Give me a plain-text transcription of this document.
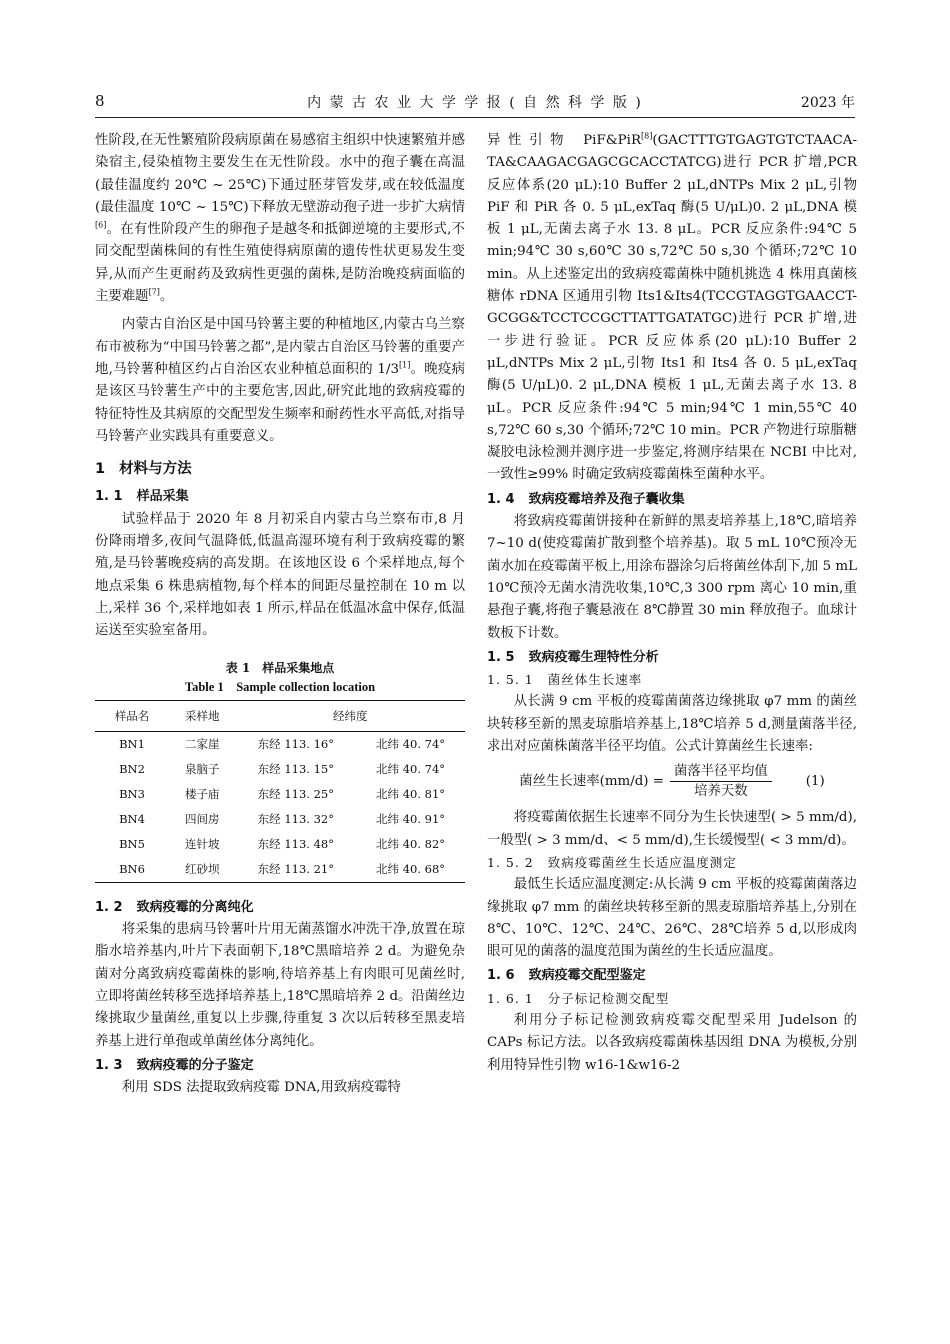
8	内 蒙 古 农 业 大 学 学 报 ( 自 然 科 学 版 )	2023 年

性阶段,在无性繁殖阶段病原菌在易感宿主组织中快速繁殖并感染宿主,侵染植物主要发生在无性阶段。水中的孢子囊在高温(最佳温度约 20℃ ~ 25℃)下通过胚芽管发芽,或在较低温度(最佳温度 10℃ ~ 15℃)下释放无壁游动孢子进一步扩大病情[6]。在有性阶段产生的卵孢子是越冬和抵御逆境的主要形式,不同交配型菌株间的有性生殖使得病原菌的遗传性状更易发生变异,从而产生更耐药及致病性更强的菌株,是防治晚疫病面临的主要难题[7]。

内蒙古自治区是中国马铃薯主要的种植地区,内蒙古乌兰察布市被称为“中国马铃薯之都”,是内蒙古自治区马铃薯的重要产地,马铃薯种植区约占自治区农业种植总面积的 1/3[1]。晚疫病是该区马铃薯生产中的主要危害,因此,研究此地的致病疫霉的特征特性及其病原的交配型发生频率和耐药性水平高低,对指导马铃薯产业实践具有重要意义。

1 材料与方法
1. 1 样品采集

试验样品于 2020 年 8 月初采自内蒙古乌兰察布市,8 月份降雨增多,夜间气温降低,低温高湿环境有利于致病疫霉的繁殖,是马铃薯晚疫病的高发期。在该地区设 6 个采样地点,每个地点采集 6 株患病植物,每个样本的间距尽量控制在 10 m 以上,采样 36 个,采样地如表 1 所示,样品在低温冰盒中保存,低温运送至实验室备用。

表 1　样品采集地点
Table 1　Sample collection location
样品名	采样地	经纬度	
BN1	二家崖	东经 113. 16°	北纬 40. 74°
BN2	泉脑子	东经 113. 15°	北纬 40. 74°
BN3	楼子庙	东经 113. 25°	北纬 40. 81°
BN4	四间房	东经 113. 32°	北纬 40. 91°
BN5	连针坡	东经 113. 48°	北纬 40. 82°
BN6	红砂坝	东经 113. 21°	北纬 40. 68°
1. 2 致病疫霉的分离纯化

将采集的患病马铃薯叶片用无菌蒸馏水冲洗干净,放置在琼脂水培养基内,叶片下表面朝下,18℃黑暗培养 2 d。为避免杂菌对分离致病疫霉菌株的影响,待培养基上有肉眼可见菌丝时,立即将菌丝转移至选择培养基上,18℃黑暗培养 2 d。沿菌丝边缘挑取少量菌丝,重复以上步骤,待重复 3 次以后转移至黑麦培养基上进行单孢或单菌丝体分离纯化。

1. 3 致病疫霉的分子鉴定

利用 SDS 法提取致病疫霉 DNA,用致病疫霉特

异性引物 PiF&PiR[8](GACTTTGTGAGTGTCTAACA-TA&CAAGACGAGCGCACCTATCG)进行 PCR 扩增,PCR 反应体系(20 μL):10 Buffer 2 μL,dNTPs Mix 2 μL,引物 PiF 和 PiR 各 0. 5 μL,exTaq 酶(5 U/μL)0. 2 μL,DNA 模板 1 μL,无菌去离子水 13. 8 μL。PCR 反应条件:94℃ 5 min;94℃ 30 s,60℃ 30 s,72℃ 50 s,30 个循环;72℃ 10 min。从上述鉴定出的致病疫霉菌株中随机挑选 4 株用真菌核糖体 rDNA 区通用引物 Its1&Its4(TCCGTAGGTGAACCT-GCGG&TCCTCCGCTTATTGATATGC)进行 PCR 扩增,进一步进行验证。PCR 反应体系(20 μL):10 Buffer 2 μL,dNTPs Mix 2 μL,引物 Its1 和 Its4 各 0. 5 μL,exTaq 酶(5 U/μL)0. 2 μL,DNA 模板 1 μL,无菌去离子水 13. 8 μL。PCR 反应条件:94℃ 5 min;94℃ 1 min,55℃ 40 s,72℃ 60 s,30 个循环;72℃ 10 min。PCR 产物进行琼脂糖凝胶电泳检测并测序进一步鉴定,将测序结果在 NCBI 中比对,一致性≥99% 时确定致病疫霉菌株至菌种水平。

1. 4 致病疫霉培养及孢子囊收集

将致病疫霉菌饼接种在新鲜的黑麦培养基上,18℃,暗培养 7~10 d(使疫霉菌扩散到整个培养基)。取 5 mL 10℃预冷无菌水加在疫霉菌平板上,用涂布器涂匀后将菌丝体刮下,加 5 mL 10℃预冷无菌水清洗收集,10℃,3 300 rpm 离心 10 min,重悬孢子囊,将孢子囊悬液在 8℃静置 30 min 释放孢子。血球计数板下计数。

1. 5 致病疫霉生理特性分析
1. 5. 1 菌丝体生长速率

从长满 9 cm 平板的疫霉菌菌落边缘挑取 φ7 mm 的菌丝块转移至新的黑麦琼脂培养基上,18℃培养 5 d,测量菌落半径,求出对应菌株菌落半径平均值。公式计算菌丝生长速率:

菌丝生长速率$(mm/d) = \frac{\text{菌落半径平均值}}{\text{培养天数}}$	(1)

将疫霉菌依据生长速率不同分为生长快速型( > 5 mm/d),一般型( > 3 mm/d、< 5 mm/d),生长缓慢型( < 3 mm/d)。

1. 5. 2 致病疫霉菌丝生长适应温度测定

最低生长适应温度测定:从长满 9 cm 平板的疫霉菌菌落边缘挑取 φ7 mm 的菌丝块转移至新的黑麦琼脂培养基上,分别在 8℃、10℃、12℃、24℃、26℃、28℃培养 5 d,以形成肉眼可见的菌落的温度范围为菌丝的生长适应温度。

1. 6 致病疫霉交配型鉴定
1. 6. 1 分子标记检测交配型

利用分子标记检测致病疫霉交配型采用 Judelson 的 CAPs 标记方法。以各致病疫霉菌株基因组 DNA 为模板,分别利用特异性引物 w16-1&w16-2
